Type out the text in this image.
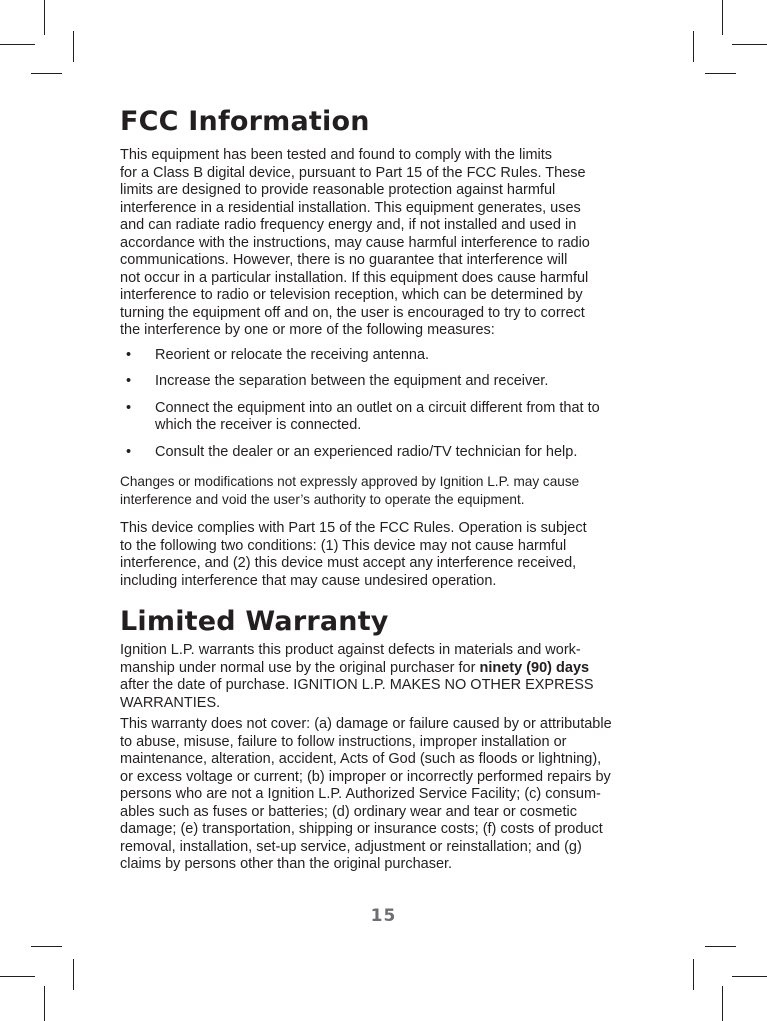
FCC Information

This equipment has been tested and found to comply with the limits
for a Class B digital device, pursuant to Part 15 of the FCC Rules. These
limits are designed to provide reasonable protection against harmful
interference in a residential installation. This equipment generates, uses
and can radiate radio frequency energy and, if not installed and used in
accordance with the instructions, may cause harmful interference to radio
communications. However, there is no guarantee that interference will
not occur in a particular installation. If this equipment does cause harmful
interference to radio or television reception, which can be determined by
turning the equipment off and on, the user is encouraged to try to correct
the interference by one or more of the following measures:

• Reorient or relocate the receiving antenna.
• Increase the separation between the equipment and receiver.
• Connect the equipment into an outlet on a circuit different from that to
which the receiver is connected.
• Consult the dealer or an experienced radio/TV technician for help.

Changes or modifications not expressly approved by Ignition L.P. may cause
interference and void the user’s authority to operate the equipment.

This device complies with Part 15 of the FCC Rules. Operation is subject
to the following two conditions: (1) This device may not cause harmful
interference, and (2) this device must accept any interference received,
including interference that may cause undesired operation.

Limited Warranty

Ignition L.P. warrants this product against defects in materials and work-
manship under normal use by the original purchaser for ninety (90) days
after the date of purchase. IGNITION L.P. MAKES NO OTHER EXPRESS
WARRANTIES.

This warranty does not cover: (a) damage or failure caused by or attributable
to abuse, misuse, failure to follow instructions, improper installation or
maintenance, alteration, accident, Acts of God (such as floods or lightning),
or excess voltage or current; (b) improper or incorrectly performed repairs by
persons who are not a Ignition L.P. Authorized Service Facility; (c) consum-
ables such as fuses or batteries; (d) ordinary wear and tear or cosmetic
damage; (e) transportation, shipping or insurance costs; (f) costs of product
removal, installation, set-up service, adjustment or reinstallation; and (g)
claims by persons other than the original purchaser.

15
